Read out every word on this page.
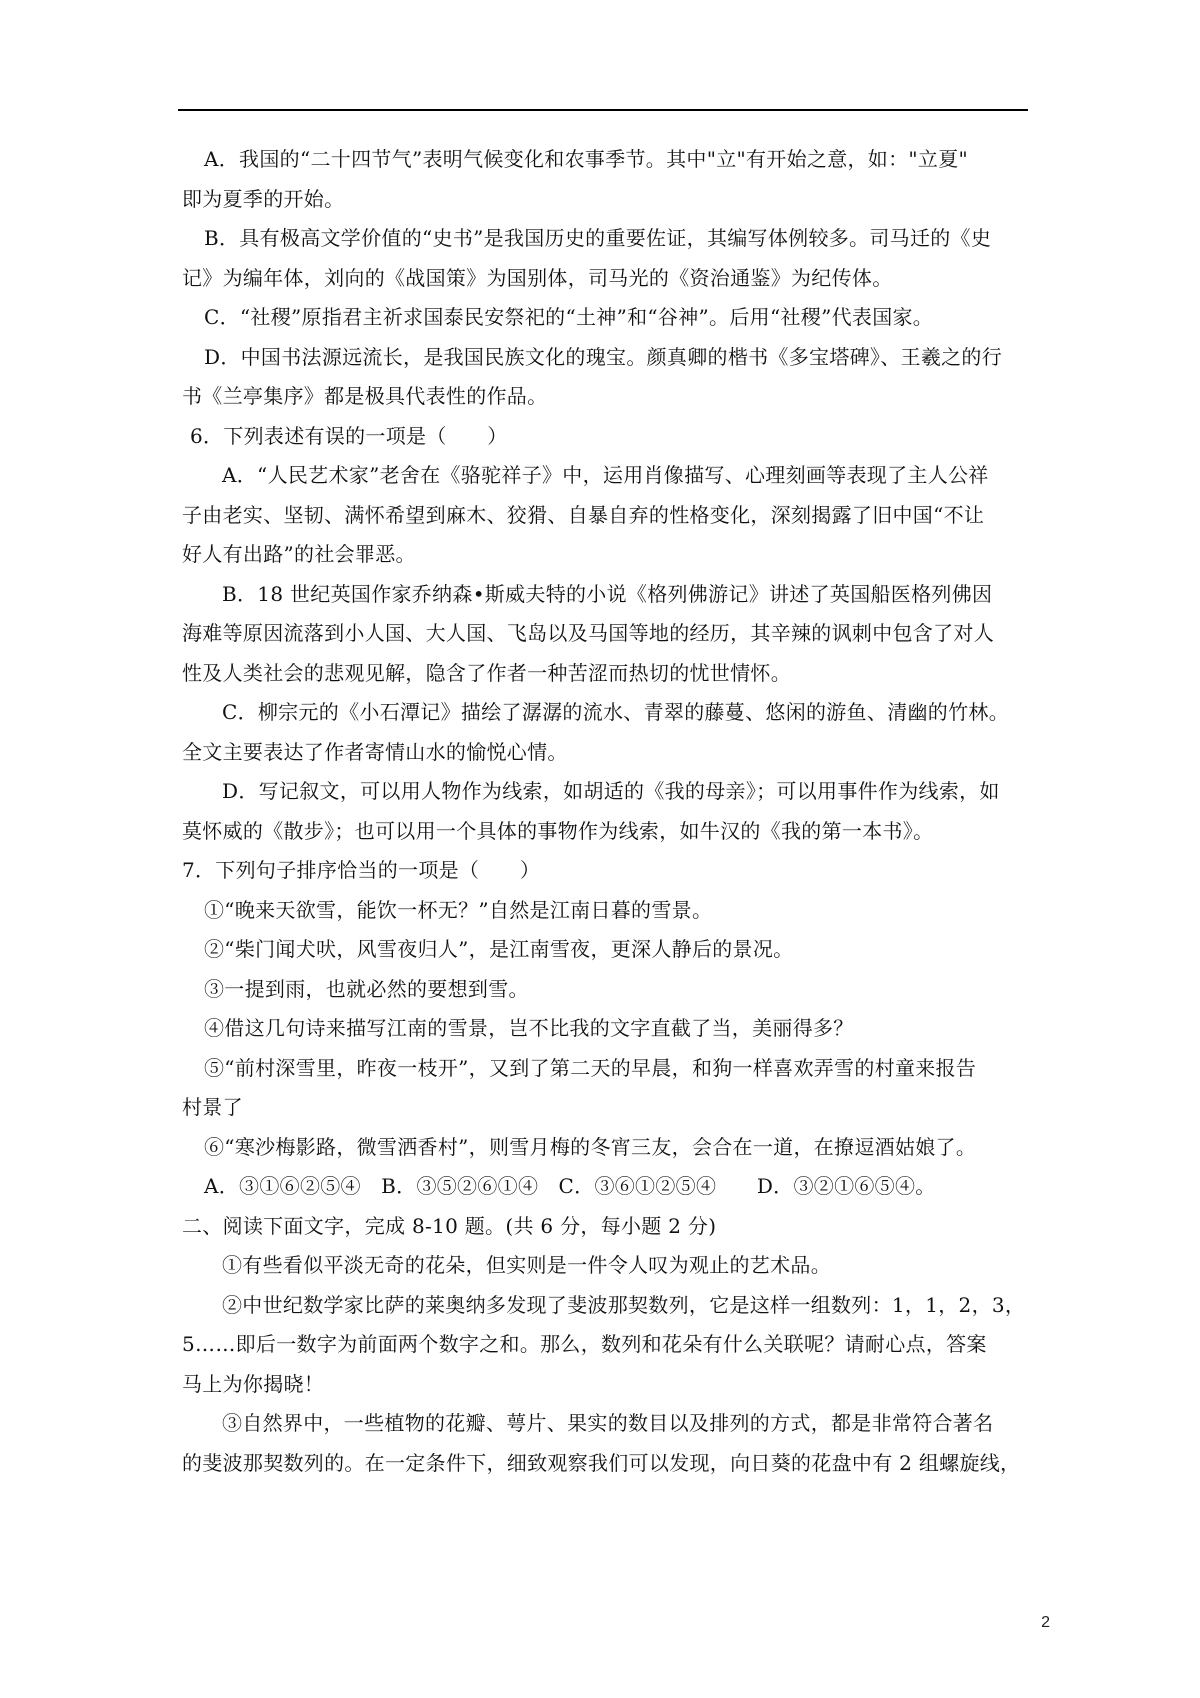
A．我国的“二十四节气”表明气候变化和农事季节。其中"立"有开始之意，如："立夏"
即为夏季的开始。
B．具有极高文学价值的“史书”是我国历史的重要佐证，其编写体例较多。司马迁的《史
记》为编年体，刘向的《战国策》为国别体，司马光的《资治通鉴》为纪传体。
C．“社稷”原指君主祈求国泰民安祭祀的“土神”和“谷神”。后用“社稷”代表国家。
D．中国书法源远流长，是我国民族文化的瑰宝。颜真卿的楷书《多宝塔碑》、王羲之的行
书《兰亭集序》都是极具代表性的作品。
6．下列表述有误的一项是（　　）
A．“人民艺术家”老舍在《骆驼祥子》中，运用肖像描写、心理刻画等表现了主人公祥
子由老实、坚韧、满怀希望到麻木、狡猾、自暴自弃的性格变化，深刻揭露了旧中国“不让
好人有出路”的社会罪恶。
B．18 世纪英国作家乔纳森•斯威夫特的小说《格列佛游记》讲述了英国船医格列佛因
海难等原因流落到小人国、大人国、飞岛以及马国等地的经历，其辛辣的讽刺中包含了对人
性及人类社会的悲观见解，隐含了作者一种苦涩而热切的忧世情怀。
C．柳宗元的《小石潭记》描绘了潺潺的流水、青翠的藤蔓、悠闲的游鱼、清幽的竹林。
全文主要表达了作者寄情山水的愉悦心情。
D．写记叙文，可以用人物作为线索，如胡适的《我的母亲》；可以用事件作为线索，如
莫怀威的《散步》；也可以用一个具体的事物作为线索，如牛汉的《我的第一本书》。
7．下列句子排序恰当的一项是（　　）
①“晚来天欲雪，能饮一杯无？”自然是江南日暮的雪景。
②“柴门闻犬吠，风雪夜归人”，是江南雪夜，更深人静后的景况。
③一提到雨，也就必然的要想到雪。
④借这几句诗来描写江南的雪景，岂不比我的文字直截了当，美丽得多？
⑤“前村深雪里，昨夜一枝开”，又到了第二天的早晨，和狗一样喜欢弄雪的村童来报告
村景了
⑥“寒沙梅影路，微雪洒香村”，则雪月梅的冬宵三友，会合在一道，在撩逗酒姑娘了。
A．③①⑥②⑤④　B．③⑤②⑥①④　C．③⑥①②⑤④　　D．③②①⑥⑤④。
二、阅读下面文字，完成 8-10 题。(共 6 分，每小题 2 分)
①有些看似平淡无奇的花朵，但实则是一件令人叹为观止的艺术品。
②中世纪数学家比萨的莱奥纳多发现了斐波那契数列，它是这样一组数列：1，1，2，3，
5……即后一数字为前面两个数字之和。那么，数列和花朵有什么关联呢？请耐心点，答案
马上为你揭晓！
③自然界中，一些植物的花瓣、萼片、果实的数目以及排列的方式，都是非常符合著名
的斐波那契数列的。在一定条件下，细致观察我们可以发现，向日葵的花盘中有 2 组螺旋线，
2
